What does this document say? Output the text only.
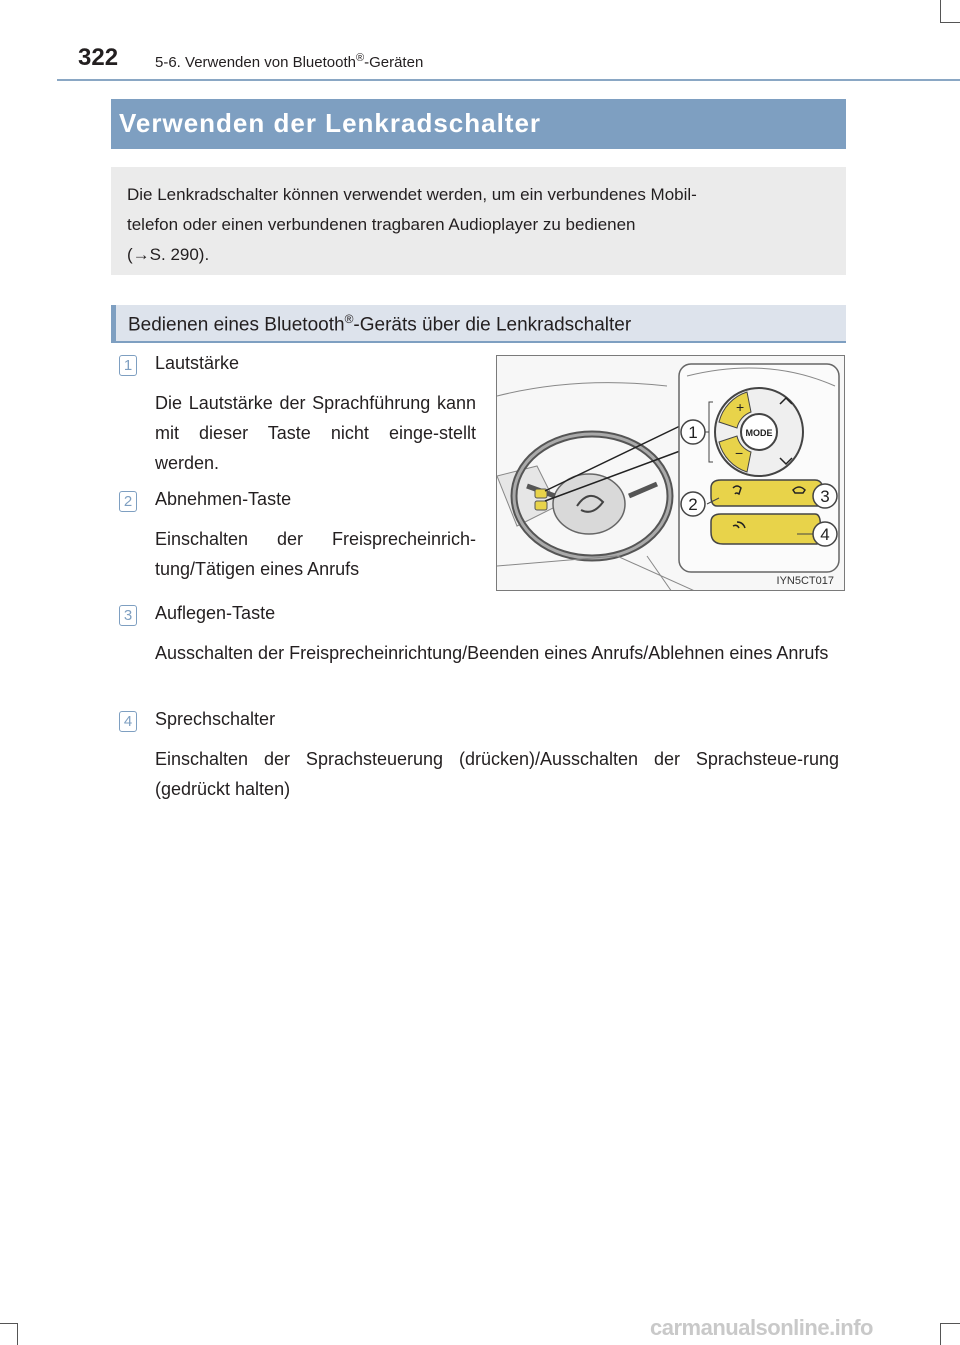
322 5-6. Verwenden von Bluetooth®-Geräten
Verwenden der Lenkradschalter
Die Lenkradschalter können verwendet werden, um ein verbundenes Mobil-
telefon oder einen verbundenen tragbaren Audioplayer zu bedienen
(→S. 290).
Bedienen eines Bluetooth®-Geräts über die Lenkradschalter
1 Lautstärke
Die Lautstärke der Sprachführung kann mit dieser Taste nicht einge-stellt werden.
2 Abnehmen-Taste
Einschalten der Freisprecheinrich-tung/Tätigen eines Anrufs
3 Auflegen-Taste
Ausschalten der Freisprecheinrichtung/Beenden eines Anrufs/Ablehnen eines Anrufs
4 Sprechschalter
Einschalten der Sprachsteuerung (drücken)/Ausschalten der Sprachsteue-rung (gedrückt halten)
MODE
+
−
1
2	3
4
IYN5CT017
carmanualsonline.info
